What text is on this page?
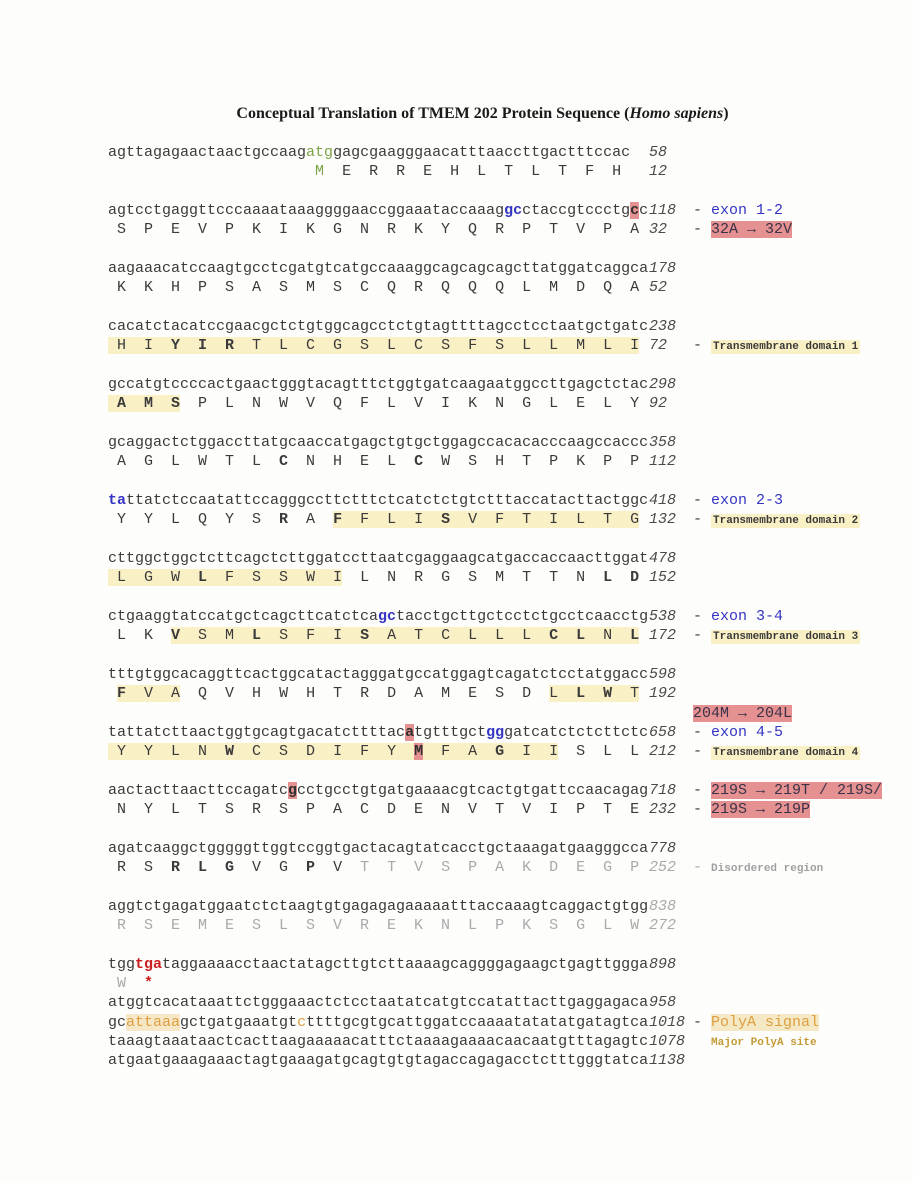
Conceptual Translation of TMEM 202 Protein Sequence (Homo sapiens)
agttagagaactaactgccaagatggagcgaagggaacatttaaccttgactttccac 58
M  E  R  R  E  H  L  T  L  T  F  H 12
agtcctgaggttcccaaaataaaggggaaccggaaataccaaaggcctaccgtccctgcc118 - exon 1-2
S  P  E  V  P  K  I  K  G  N  R  K  Y  Q  R  P  T  V  P  A 32 - 32A → 32V
aagaaacatccaagtgcctcgatgtcatgccaaaggcagcagcagcttatggatcaggca178
K  K  H  P  S  A  S  M  S  C  Q  R  Q  Q  Q  L  M  D  Q  A 52
cacatctacatccgaacgctctgtggcagcctctgtagttttagcctcctaatgctgatc238
H  I  Y  I  R  T  L  C  G  S  L  C  S  F  S  L  L  M  L  I 72 - Transmembrane domain 1
gccatgtccccactgaactgggtacagtttctggtgatcaagaatggccttgagctctac298
A  M  S  P  L  N  W  V  Q  F  L  V  I  K  N  G  L  E  L  Y 92
gcaggactctggaccttatgcaaccatgagctgtgctggagccacacacccaagccaccc358
A  G  L  W  T  L  C  N  H  E  L  C  W  S  H  T  P  K  P  P 112
tattatctccaatattccagggccttctttctcatctctgtctttaccatacttactggc418 - exon 2-3
Y  Y  L  Q  Y  S  R  A  F  F  L  I  S  V  F  T  I  L  T  G 132 - Transmembrane domain 2
cttggctggctcttcagctcttggatccttaatcgaggaagcatgaccaccaacttggat478
L  G  W  L  F  S  S  W  I  L  N  R  G  S  M  T  T  N  L  D 152
ctgaaggtatccatgctcagcttcatctcagctacctgcttgctcctctgcctcaacctg538 - exon 3-4
L  K  V  S  M  L  S  F  I  S  A  T  C  L  L  L  C  L  N  L 172 - Transmembrane domain 3
tttgtggcacaggttcactggcatactagggatgccatggagtcagatctcctatggacc598
F  V  A  Q  V  H  W  H  T  R  D  A  M  E  S  D L  L  W  T 192
204M → 204L
tattatcttaactggtgcagtgacatcttttacatgtttgctgggatcatctctcttctc658 - exon 4-5
Y  Y  L  N  W  C  S  D  I  F  Y  M  F  A  G  I  I  S  L  L 212 - Transmembrane domain 4
aactacttaacttccagatcgcctgcctgtgatgaaaacgtcactgtgattccaacagag718 - 219S → 219T / 219S/
N  Y  L  T  S  R  S  P  A  C  D  E  N  V  T  V  I  P  T  E 232 - 219S → 219P
agatcaaggctgggggttggtccggtgactacagtatcacctgctaaagatgaagggcca778
R  S  R  L  G  V  G  P  V  T  T  V  S  P  A  K  D  E  G  P 252 - Disordered region
aggtctgagatggaatctctaagtgtgagagagaaaaatttaccaaagtcaggactgtgg838
R  S  E  M  E  S  L  S  V  R  E  K  N  L  P  K  S  G  L  W 272
tggtgataggaaaacctaactatagcttgtcttaaaagcaggggagaagctgagttggga898
W *
atggtcacataaattctgggaaactctcctaatatcatgtccatattacttgaggagaca958
gcattaaagctgatgaaatgtcttttgcgtgcattggatccaaaatatatatgatagtca1018 - PolyA signal
taaagtaaataactcacttaagaaaaacatttctaaaagaaaacaacaatgtttagagtc1078 Major PolyA site
atgaatgaaagaaactagtgaaagatgcagtgtgtagaccagagacctctttgggtatca1138
